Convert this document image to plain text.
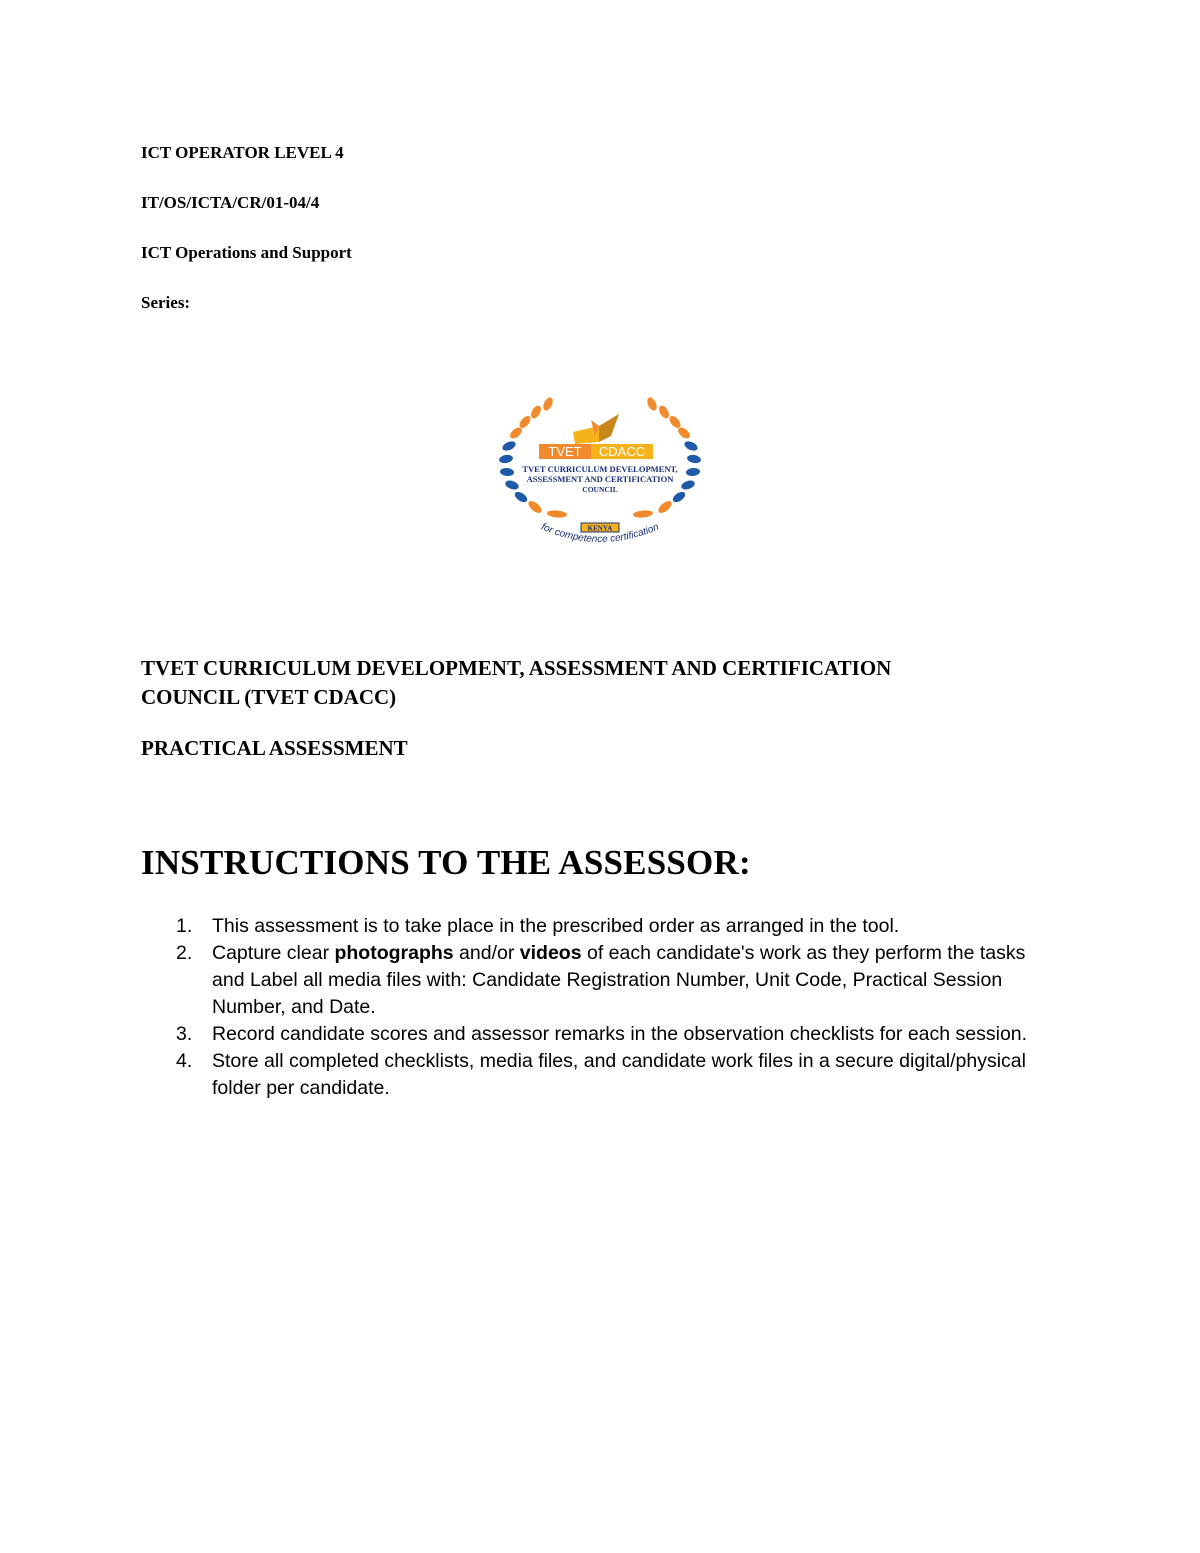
ICT OPERATOR LEVEL 4

IT/OS/ICTA/CR/01-04/4

ICT Operations and Support

Series:

TVET CDACC
TVET CURRICULUM DEVELOPMENT,
ASSESSMENT AND CERTIFICATION
COUNCIL
KENYA
for competence certification

TVET CURRICULUM DEVELOPMENT, ASSESSMENT AND CERTIFICATION
COUNCIL (TVET CDACC)

PRACTICAL ASSESSMENT

INSTRUCTIONS TO THE ASSESSOR:
1. This assessment is to take place in the prescribed order as arranged in the tool.
2. Capture clear photographs and/or videos of each candidate's work as they perform the tasks and Label all media files with: Candidate Registration Number, Unit Code, Practical Session Number, and Date.
3. Record candidate scores and assessor remarks in the observation checklists for each session.
4. Store all completed checklists, media files, and candidate work files in a secure digital/physical folder per candidate.
